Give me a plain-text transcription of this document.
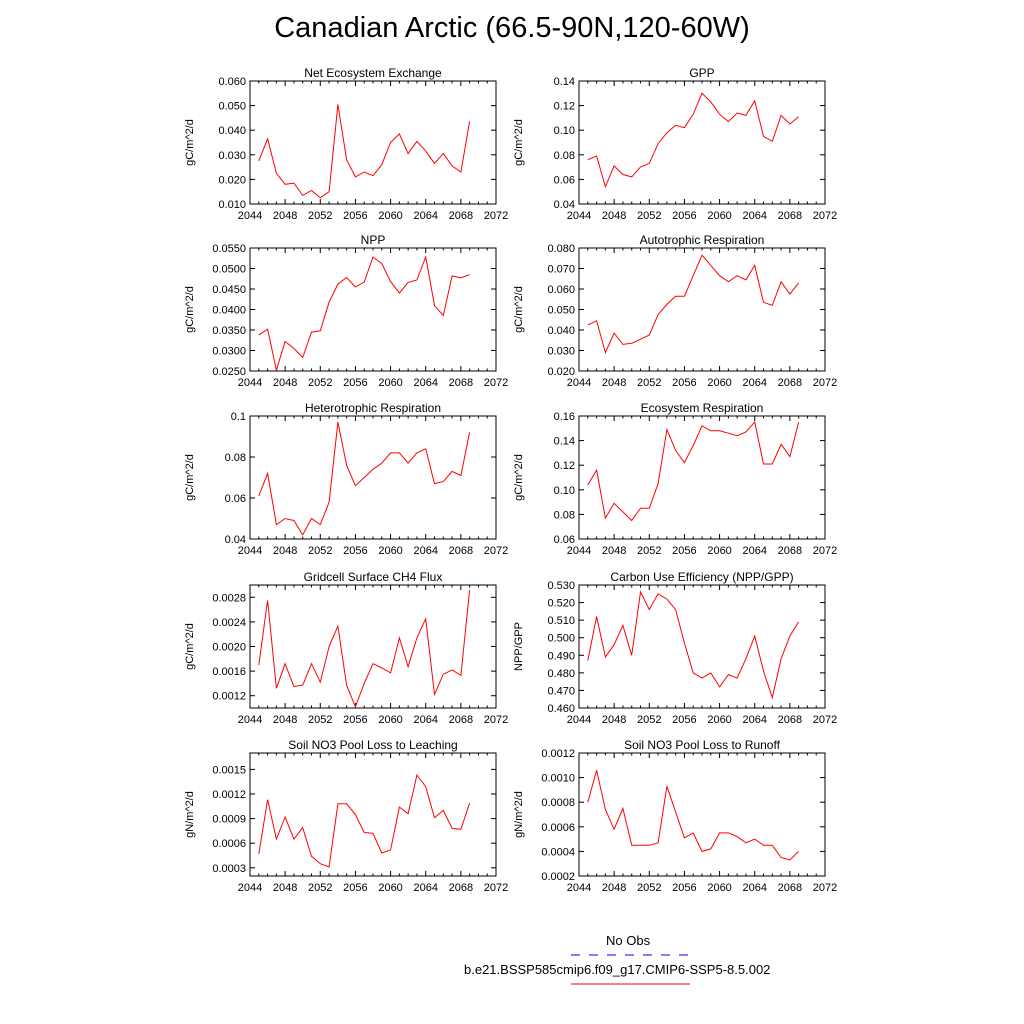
Canadian Arctic (66.5-90N,120-60W)
Net Ecosystem Exchange
2044 2048 2052 2056 2060 2064 2068 2072
0.010
0.020
0.030
0.040
0.050
0.060
gC/m^2/d
GPP
2044 2048 2052 2056 2060 2064 2068 2072
0.04
0.06
0.08
0.10
0.12
0.14
gC/m^2/d
NPP
2044 2048 2052 2056 2060 2064 2068 2072
0.0250
0.0300
0.0350
0.0400
0.0450
0.0500
0.0550
gC/m^2/d
Autotrophic Respiration
2044 2048 2052 2056 2060 2064 2068 2072
0.020
0.030
0.040
0.050
0.060
0.070
0.080
gC/m^2/d
Heterotrophic Respiration
2044 2048 2052 2056 2060 2064 2068 2072
0.04
0.06
0.08
0.1
gC/m^2/d
Ecosystem Respiration
2044 2048 2052 2056 2060 2064 2068 2072
0.06
0.08
0.10
0.12
0.14
0.16
gC/m^2/d
Gridcell Surface CH4 Flux
2044 2048 2052 2056 2060 2064 2068 2072
0.0012
0.0016
0.0020
0.0024
0.0028
gC/m^2/d
Carbon Use Efficiency (NPP/GPP)
2044 2048 2052 2056 2060 2064 2068 2072
0.460
0.470
0.480
0.490
0.500
0.510
0.520
0.530
NPP/GPP
Soil NO3 Pool Loss to Leaching
2044 2048 2052 2056 2060 2064 2068 2072
0.0003
0.0006
0.0009
0.0012
0.0015
gN/m^2/d
Soil NO3 Pool Loss to Runoff
2044 2048 2052 2056 2060 2064 2068 2072
0.0002
0.0004
0.0006
0.0008
0.0010
0.0012
gN/m^2/d
No Obs
b.e21.BSSP585cmip6.f09_g17.CMIP6-SSP5-8.5.002
